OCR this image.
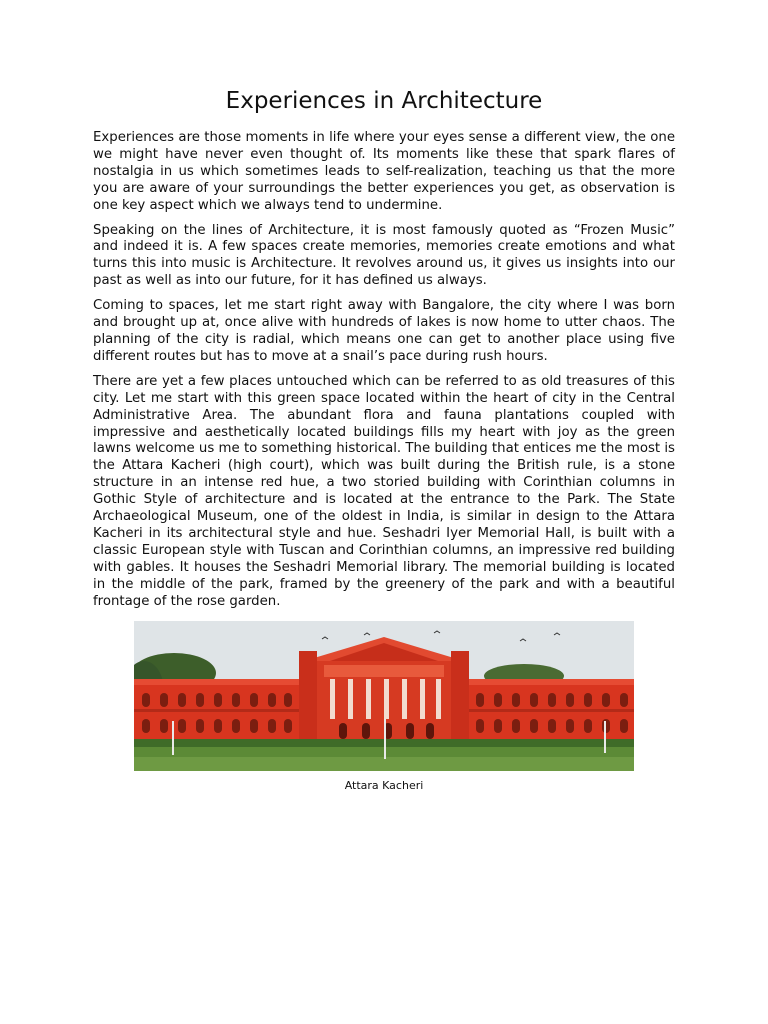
Experiences in Architecture

Experiences are those moments in life where your eyes sense a different view, the one we might have never even thought of. Its moments like these that spark flares of nostalgia in us which sometimes leads to self-realization, teaching us that the more you are aware of your surroundings the better experiences you get, as observation is one key aspect which we always tend to undermine.

Speaking on the lines of Architecture, it is most famously quoted as “Frozen Music” and indeed it is. A few spaces create memories, memories create emotions and what turns this into music is Architecture. It revolves around us, it gives us insights into our past as well as into our future, for it has defined us always.

Coming to spaces, let me start right away with Bangalore, the city where I was born and brought up at, once alive with hundreds of lakes is now home to utter chaos. The planning of the city is radial, which means one can get to another place using five different routes but has to move at a snail’s pace during rush hours.

There are yet a few places untouched which can be referred to as old treasures of this city. Let me start with this green space located within the heart of city in the Central Administrative Area. The abundant flora and fauna plantations coupled with impressive and aesthetically located buildings fills my heart with joy as the green lawns welcome us me to something historical. The building that entices me the most is the Attara Kacheri (high court), which was built during the British rule, is a stone structure in an intense red hue, a two storied building with Corinthian columns in Gothic Style of architecture and is located at the entrance to the Park. The State Archaeological Museum, one of the oldest in India, is similar in design to the Attara Kacheri in its architectural style and hue. Seshadri Iyer Memorial Hall, is built with a classic European style with Tuscan and Corinthian columns, an impressive red building with gables. It houses the Seshadri Memorial library. The memorial building is located in the middle of the park, framed by the greenery of the park and with a beautiful frontage of the rose garden.

Attara Kacheri
